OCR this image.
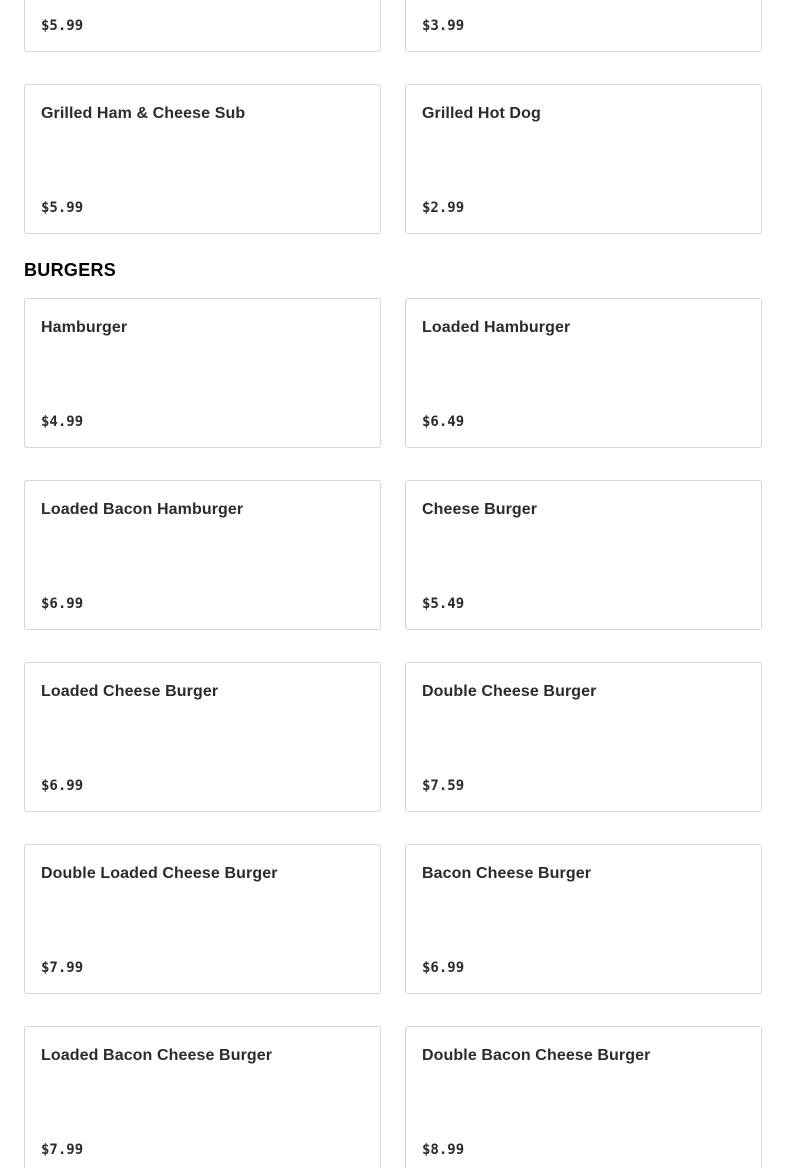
$5.99	$3.99
Grilled Ham & Cheese Sub
$5.99
Grilled Hot Dog
$2.99
BURGERS
Hamburger
$4.99
Loaded Hamburger
$6.49
Loaded Bacon Hamburger
$6.99
Cheese Burger
$5.49
Loaded Cheese Burger
$6.99
Double Cheese Burger
$7.59
Double Loaded Cheese Burger
$7.99
Bacon Cheese Burger
$6.99
Loaded Bacon Cheese Burger
$7.99
Double Bacon Cheese Burger
$8.99
